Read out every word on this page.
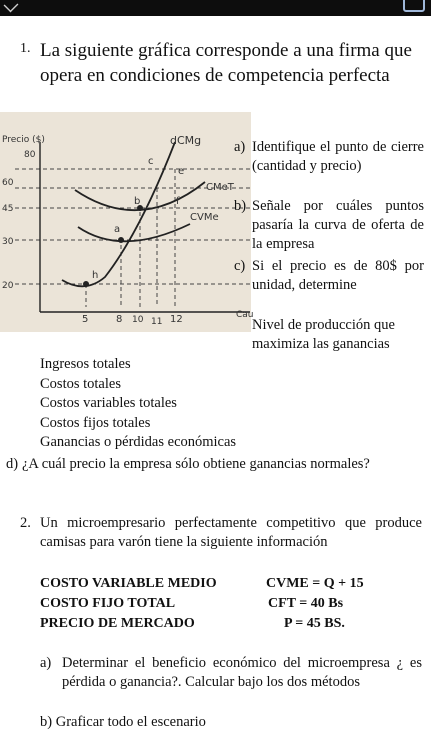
1. La siguiente gráfica corresponde a una firma que opera en condiciones de competencia perfecta
Precio ($)
80
60
45
30
20
5	8 10 11 12
dCMg
CMeT
CVMe
Cau
e
c
b	f
a
h
a) Identifique el punto de cierre (cantidad y precio)
b) Señale por cuáles puntos pasaría la curva de oferta de la empresa
c) Si el precio es de 80$ por unidad, determine
Nivel de producción que maximiza las ganancias
Ingresos totales
Costos totales
Costos variables totales
Costos fijos totales
Ganancias o pérdidas económicas
d) ¿A cuál precio la empresa sólo obtiene ganancias normales?
2. Un microempresario perfectamente competitivo que produce camisas para varón tiene la siguiente información
COSTO VARIABLE MEDIO	CVME = Q + 15
COSTO FIJO TOTAL	CFT = 40 Bs
PRECIO DE MERCADO	P = 45 BS.
a) Determinar el beneficio económico del microempresa ¿ es pérdida o ganancia?. Calcular bajo los dos métodos
b) Graficar todo el escenario
